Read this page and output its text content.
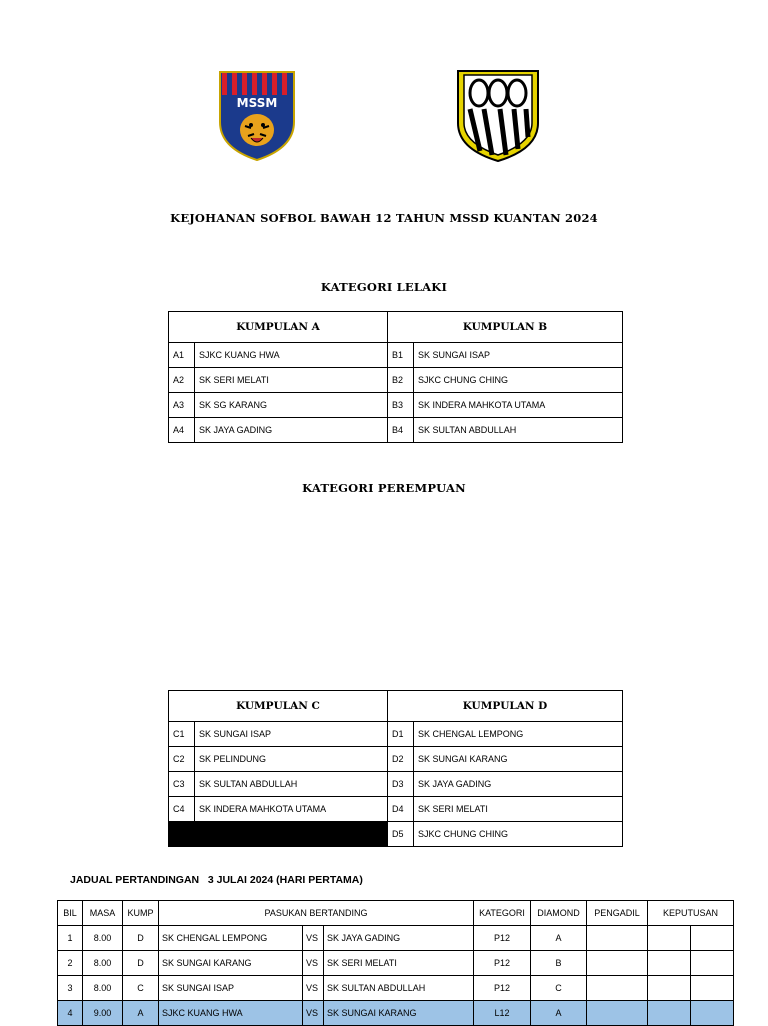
MSSM
KEJOHANAN SOFBOL BAWAH 12 TAHUN MSSD KUANTAN 2024
KATEGORI LELAKI
KUMPULAN A		KUMPULAN B	
A1	SJKC KUANG HWA	B1	SK SUNGAI ISAP
A2	SK SERI MELATI	B2	SJKC CHUNG CHING
A3	SK SG KARANG	B3	SK INDERA MAHKOTA UTAMA
A4	SK JAYA GADING	B4	SK SULTAN ABDULLAH
KATEGORI PEREMPUAN
KUMPULAN C		KUMPULAN D	
C1	SK SUNGAI ISAP	D1	SK CHENGAL LEMPONG
C2	SK PELINDUNG	D2	SK SUNGAI KARANG
C3	SK SULTAN ABDULLAH	D3	SK JAYA GADING
C4	SK INDERA MAHKOTA UTAMA	D4	SK SERI MELATI
		D5	SJKC CHUNG CHING
JADUAL PERTANDINGAN   3 JULAI 2024 (HARI PERTAMA)
BIL	MASA	KUMP	PASUKAN BERTANDING			KATEGORI	DIAMOND	PENGADIL	KEPUTUSAN	
1	8.00	D	SK CHENGAL LEMPONG	VS	SK JAYA GADING	P12	A			
2	8.00	D	SK SUNGAI KARANG	VS	SK SERI MELATI	P12	B			
3	8.00	C	SK SUNGAI ISAP	VS	SK SULTAN ABDULLAH	P12	C			
4	9.00	A	SJKC KUANG HWA	VS	SK SUNGAI KARANG	L12	A			
